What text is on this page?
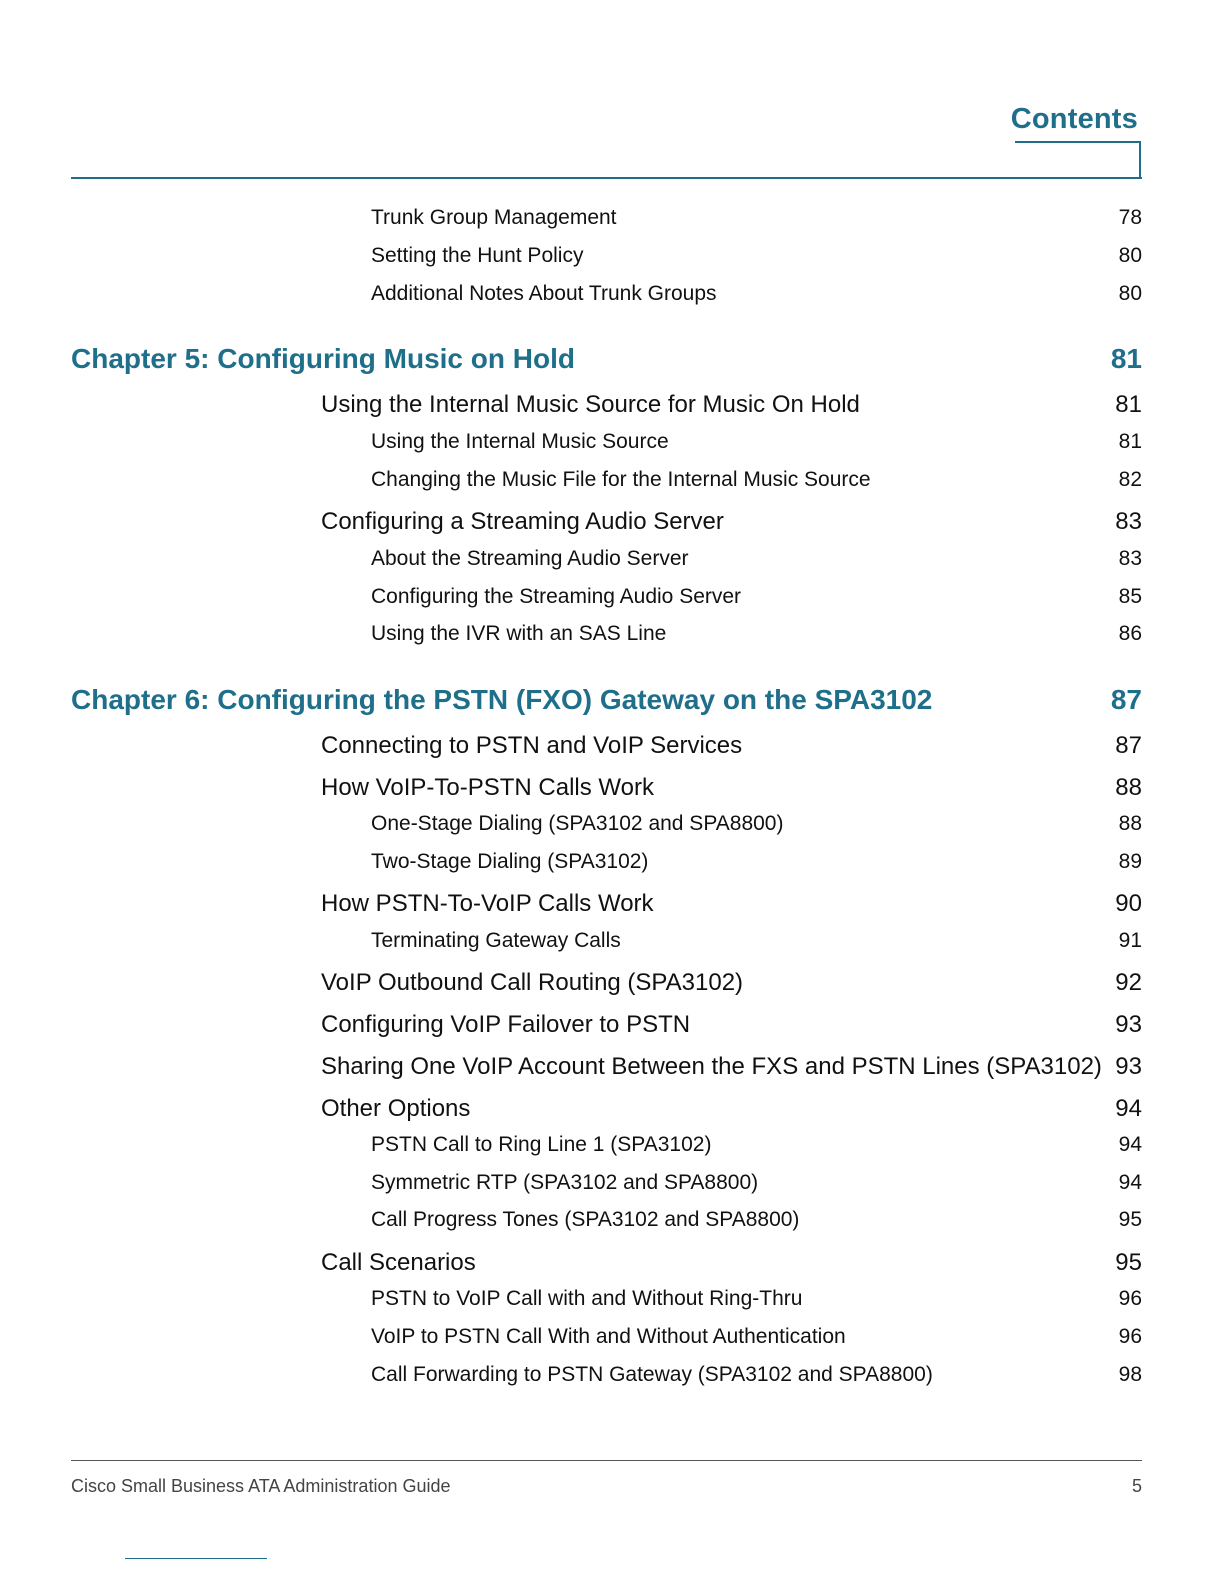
Contents
Trunk Group Management	78
Setting the Hunt Policy	80
Additional Notes About Trunk Groups	80
Chapter 5: Configuring Music on Hold	81
Using the Internal Music Source for Music On Hold	81
Using the Internal Music Source	81
Changing the Music File for the Internal Music Source	82
Configuring a Streaming Audio Server	83
About the Streaming Audio Server	83
Configuring the Streaming Audio Server	85
Using the IVR with an SAS Line	86
Chapter 6: Configuring the PSTN (FXO) Gateway on the SPA3102	87
Connecting to PSTN and VoIP Services	87
How VoIP-To-PSTN Calls Work	88
One-Stage Dialing (SPA3102 and SPA8800)	88
Two-Stage Dialing (SPA3102)	89
How PSTN-To-VoIP Calls Work	90
Terminating Gateway Calls	91
VoIP Outbound Call Routing (SPA3102)	92
Configuring VoIP Failover to PSTN	93
Sharing One VoIP Account Between the FXS and PSTN Lines (SPA3102) 93
Other Options	94
PSTN Call to Ring Line 1 (SPA3102)	94
Symmetric RTP (SPA3102 and SPA8800)	94
Call Progress Tones (SPA3102 and SPA8800)	95
Call Scenarios	95
PSTN to VoIP Call with and Without Ring-Thru	96
VoIP to PSTN Call With and Without Authentication	96
Call Forwarding to PSTN Gateway (SPA3102 and SPA8800)	98
Cisco Small Business ATA Administration Guide	5
